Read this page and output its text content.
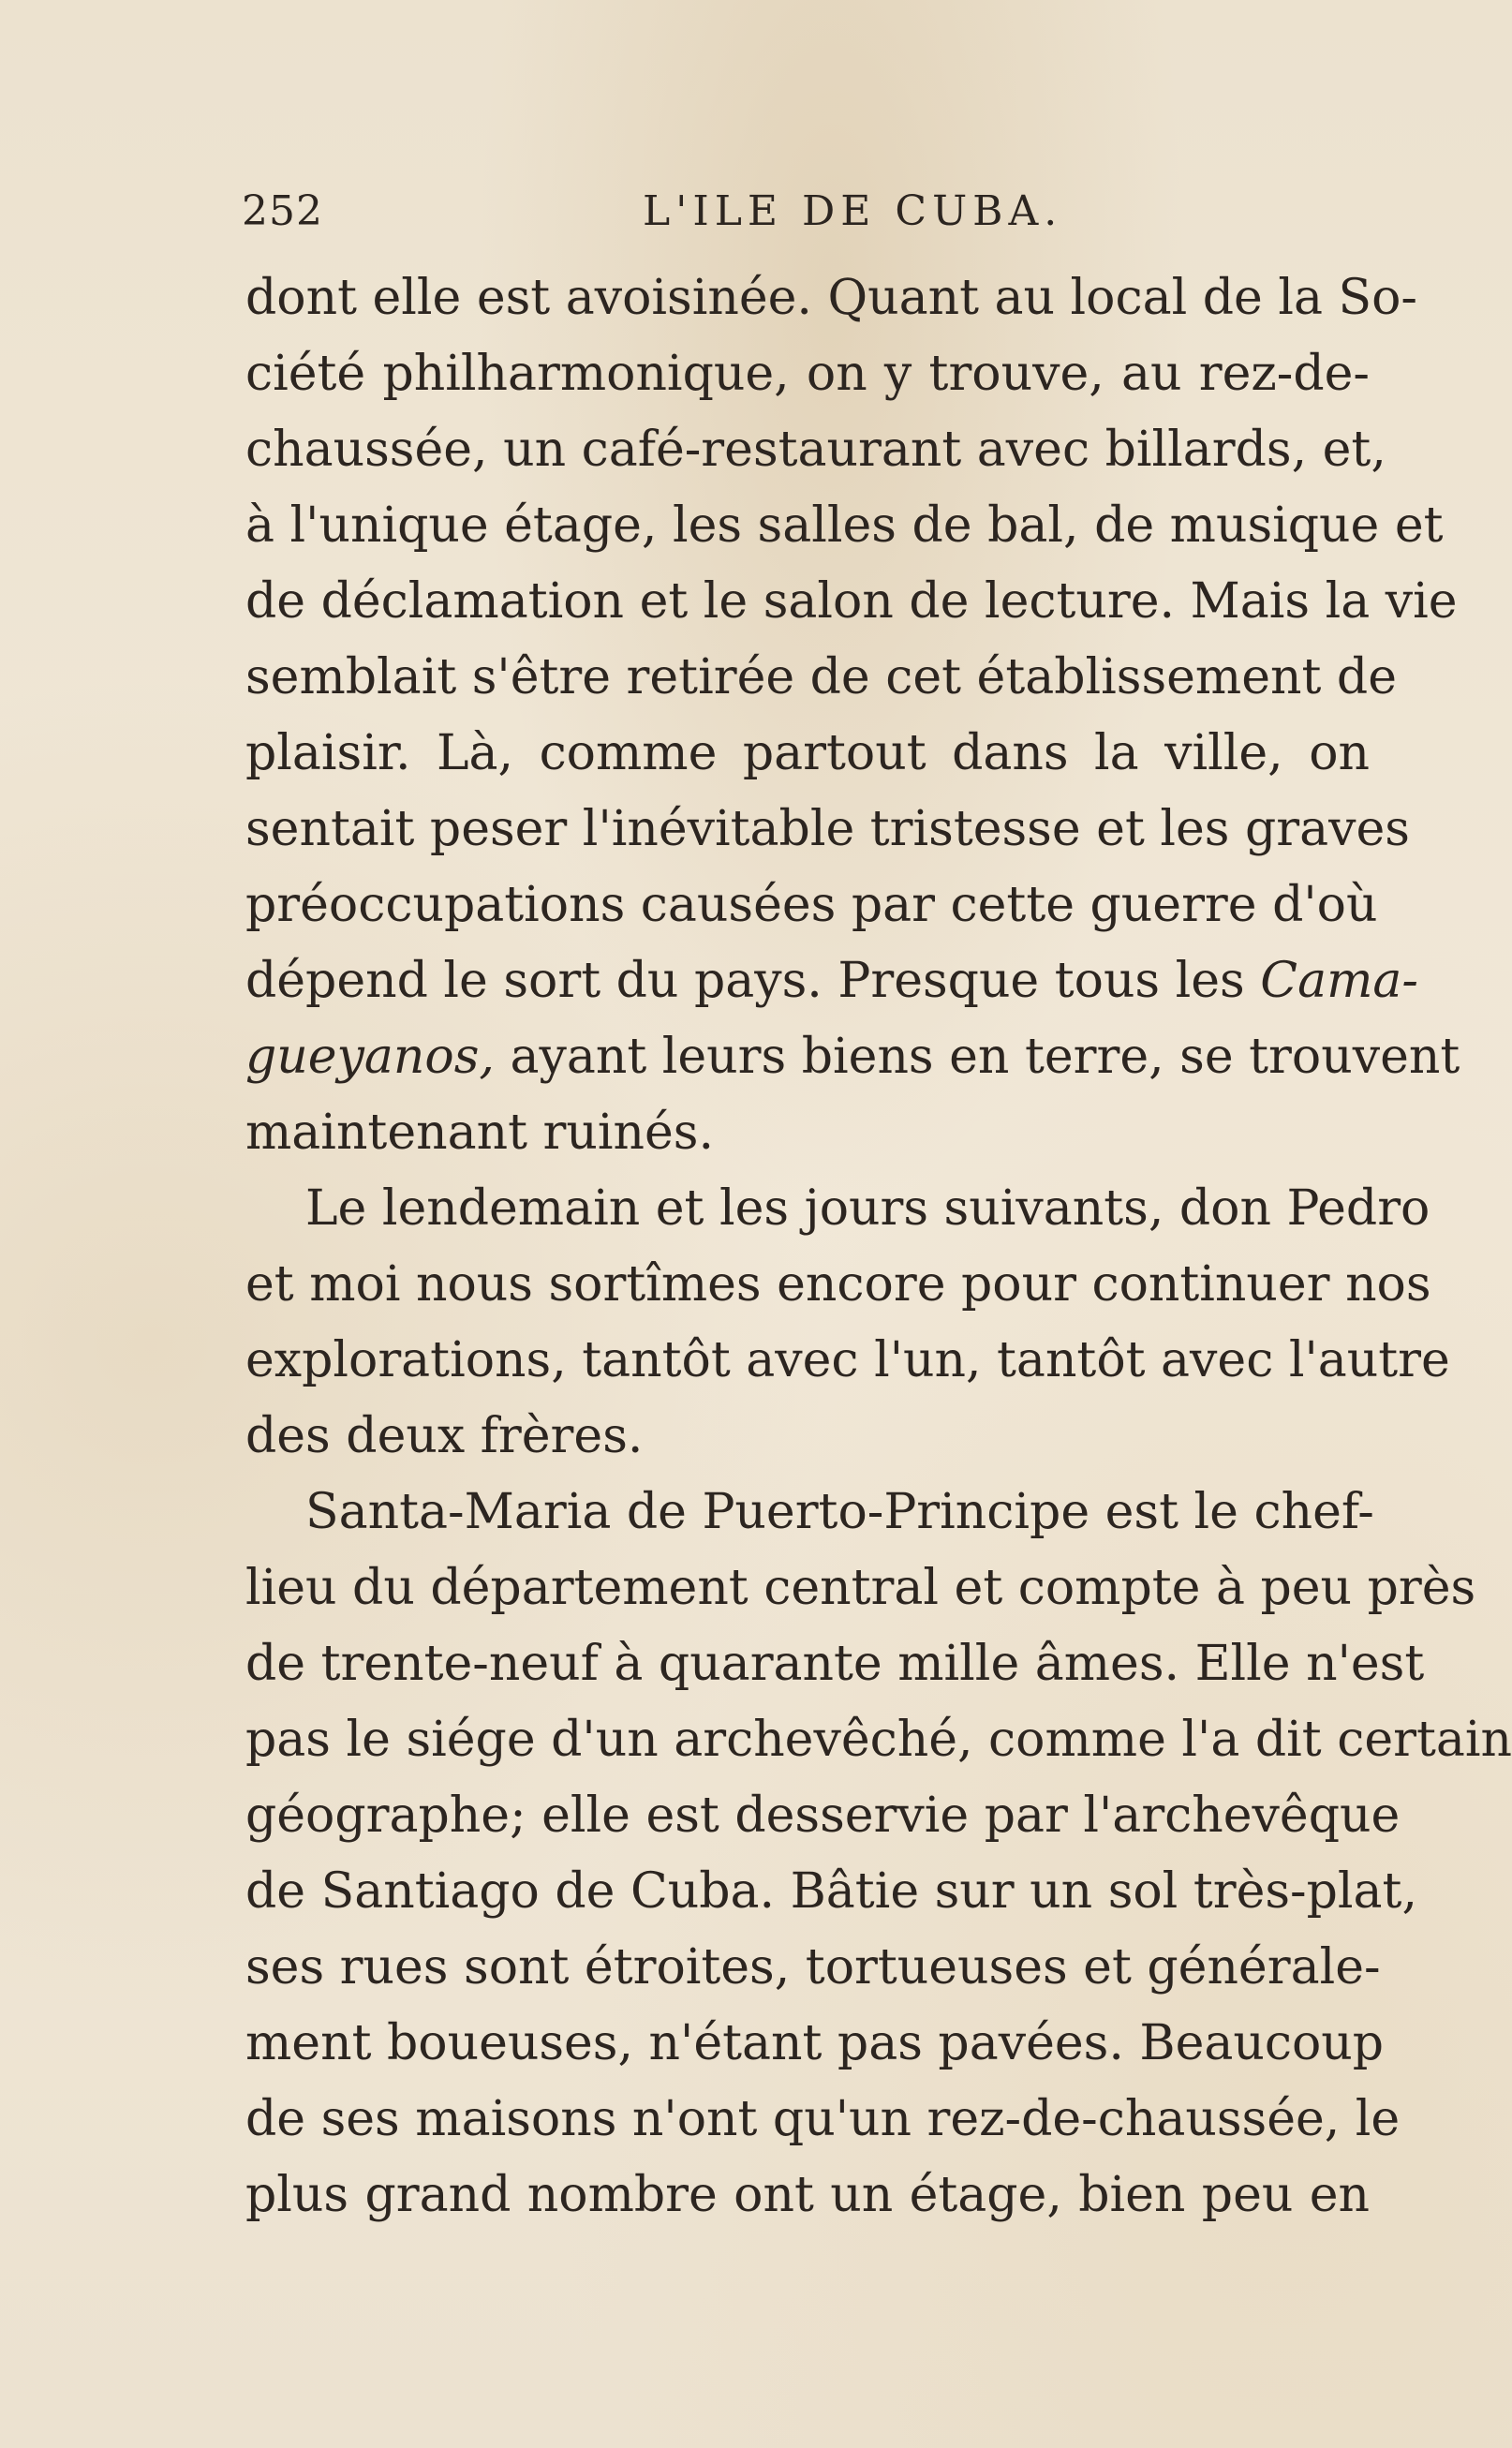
252	L'ILE DE CUBA.
dont elle est avoisinée. Quant au local de la So-
ciété philharmonique, on y trouve, au rez-de-
chaussée, un café-restaurant avec billards, et,
à l'unique étage, les salles de bal, de musique et
de déclamation et le salon de lecture. Mais la vie
semblait s'être retirée de cet établissement de
plaisir. Là, comme partout dans la ville, on
sentait peser l'inévitable tristesse et les graves
préoccupations causées par cette guerre d'où
dépend le sort du pays. Presque tous les Cama-
gueyanos, ayant leurs biens en terre, se trouvent
maintenant ruinés.
Le lendemain et les jours suivants, don Pedro
et moi nous sortîmes encore pour continuer nos
explorations, tantôt avec l'un, tantôt avec l'autre
des deux frères.
Santa-Maria de Puerto-Principe est le chef-
lieu du département central et compte à peu près
de trente-neuf à quarante mille âmes. Elle n'est
pas le siége d'un archevêché, comme l'a dit certain
géographe; elle est desservie par l'archevêque
de Santiago de Cuba. Bâtie sur un sol très-plat,
ses rues sont étroites, tortueuses et générale-
ment boueuses, n'étant pas pavées. Beaucoup
de ses maisons n'ont qu'un rez-de-chaussée, le
plus grand nombre ont un étage, bien peu en
